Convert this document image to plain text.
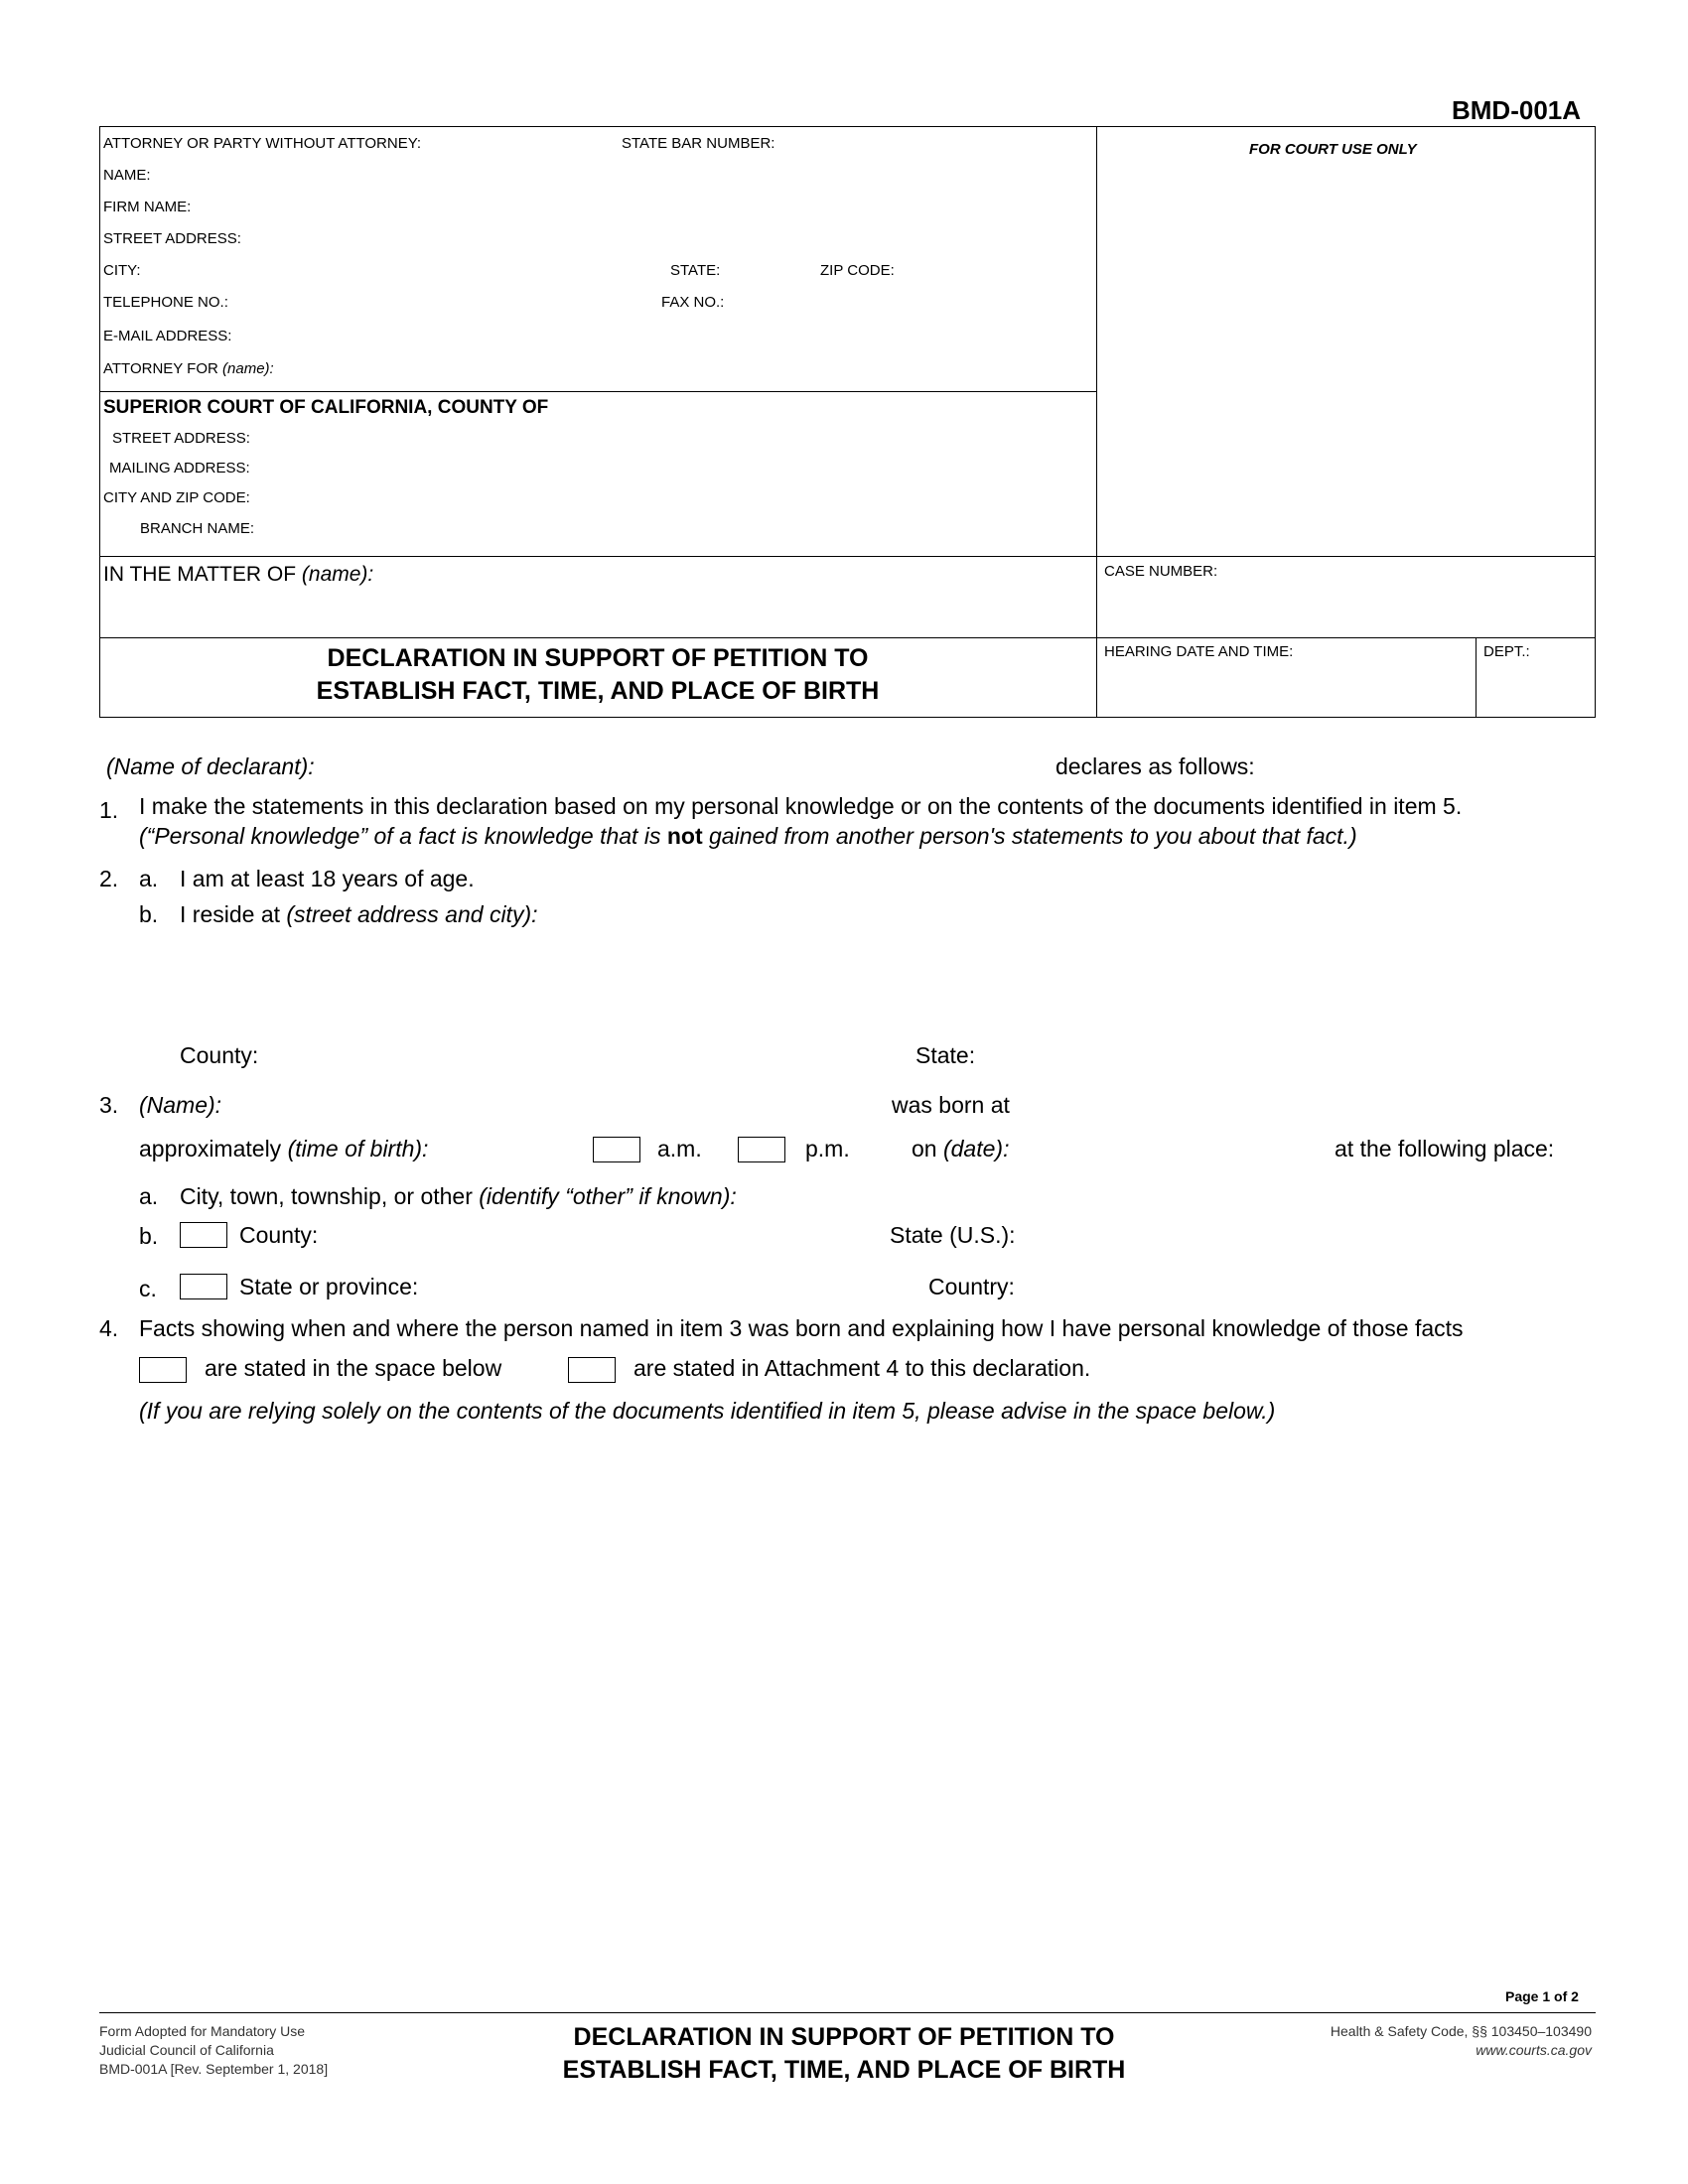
BMD-001A
ATTORNEY OR PARTY WITHOUT ATTORNEY:	STATE BAR NUMBER:
NAME:
FIRM NAME:
STREET ADDRESS:
CITY:	STATE:	ZIP CODE:
TELEPHONE NO.:	FAX NO.:
E-MAIL ADDRESS:
ATTORNEY FOR (name):
FOR COURT USE ONLY
SUPERIOR COURT OF CALIFORNIA, COUNTY OF
STREET ADDRESS:
MAILING ADDRESS:
CITY AND ZIP CODE:
BRANCH NAME:
IN THE MATTER OF (name):	CASE NUMBER:
DECLARATION IN SUPPORT OF PETITION TO
ESTABLISH FACT, TIME, AND PLACE OF BIRTH
HEARING DATE AND TIME:	DEPT.:
(Name of declarant):	declares as follows:
1. I make the statements in this declaration based on my personal knowledge or on the contents of the documents identified in item 5.
(“Personal knowledge” of a fact is knowledge that is not gained from another person's statements to you about that fact.)
2. a. I am at least 18 years of age.
b. I reside at (street address and city):
County:	State:
3. (Name):	was born at
approximately (time of birth):	a.m.	p.m.	on (date):	at the following place:
a. City, town, township, or other (identify “other” if known):
b.	County:	State (U.S.):
c.	State or province:	Country:
4. Facts showing when and where the person named in item 3 was born and explaining how I have personal knowledge of those facts
are stated in the space below	are stated in Attachment 4 to this declaration.
(If you are relying solely on the contents of the documents identified in item 5, please advise in the space below.)
Page 1 of 2
Form Adopted for Mandatory Use
Judicial Council of California
BMD-001A [Rev. September 1, 2018]
DECLARATION IN SUPPORT OF PETITION TO
ESTABLISH FACT, TIME, AND PLACE OF BIRTH
Health & Safety Code, §§ 103450–103490
www.courts.ca.gov
